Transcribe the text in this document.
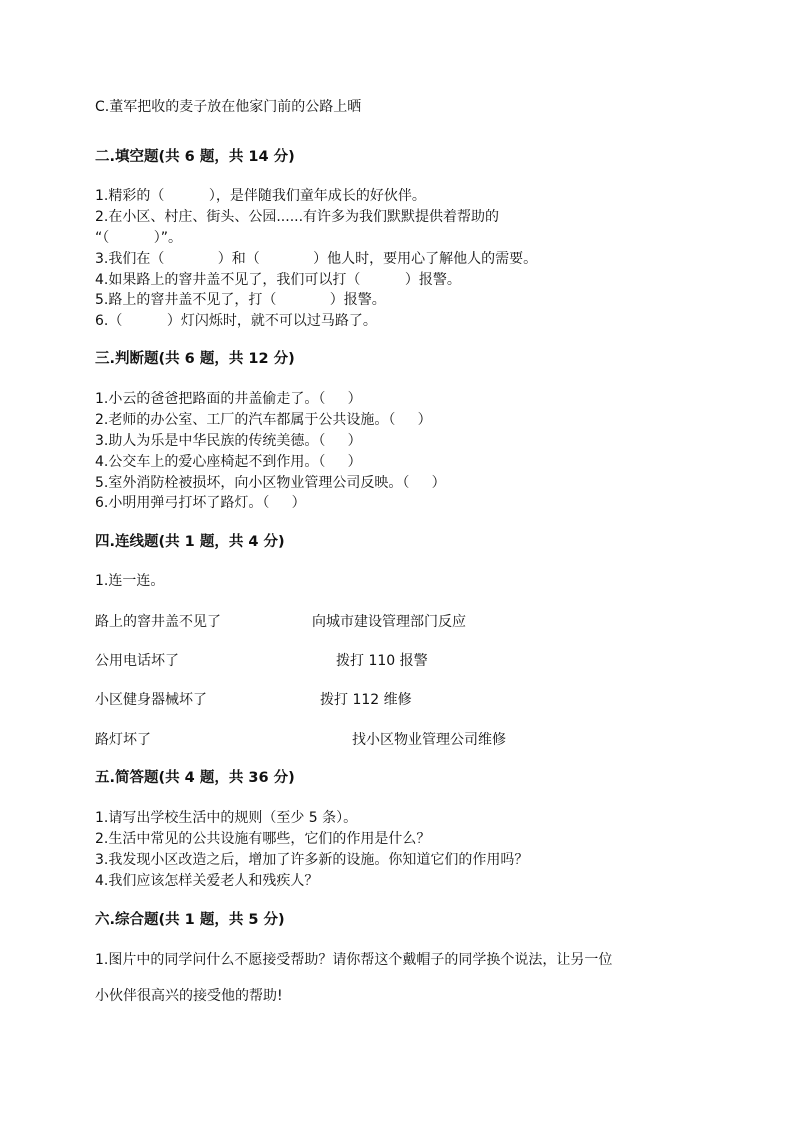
C.董军把收的麦子放在他家门前的公路上晒
二.填空题(共 6 题，共 14 分)
1.精彩的（          ），是伴随我们童年成长的好伙伴。
2.在小区、村庄、街头、公园......有许多为我们默默提供着帮助的
“（          ）”。
3.我们在（            ）和（            ）他人时，要用心了解他人的需要。
4.如果路上的窨井盖不见了，我们可以打（          ）报警。
5.路上的窨井盖不见了，打（            ）报警。
6.（          ）灯闪烁时，就不可以过马路了。
三.判断题(共 6 题，共 12 分)
1.小云的爸爸把路面的井盖偷走了。（     ）
2.老师的办公室、工厂的汽车都属于公共设施。（     ）
3.助人为乐是中华民族的传统美德。（     ）
4.公交车上的爱心座椅起不到作用。（     ）
5.室外消防栓被损坏，向小区物业管理公司反映。（     ）
6.小明用弹弓打坏了路灯。（     ）
四.连线题(共 1 题，共 4 分)
1.连一连。
路上的窨井盖不见了	向城市建设管理部门反应
公用电话坏了	拨打 110 报警
小区健身器械坏了	拨打 112 维修
路灯坏了	找小区物业管理公司维修
五.简答题(共 4 题，共 36 分)
1.请写出学校生活中的规则（至少 5 条）。
2.生活中常见的公共设施有哪些，它们的作用是什么？
3.我发现小区改造之后，增加了许多新的设施。你知道它们的作用吗？
4.我们应该怎样关爱老人和残疾人？
六.综合题(共 1 题，共 5 分)
1.图片中的同学问什么不愿接受帮助？请你帮这个戴帽子的同学换个说法，让另一位
小伙伴很高兴的接受他的帮助!
